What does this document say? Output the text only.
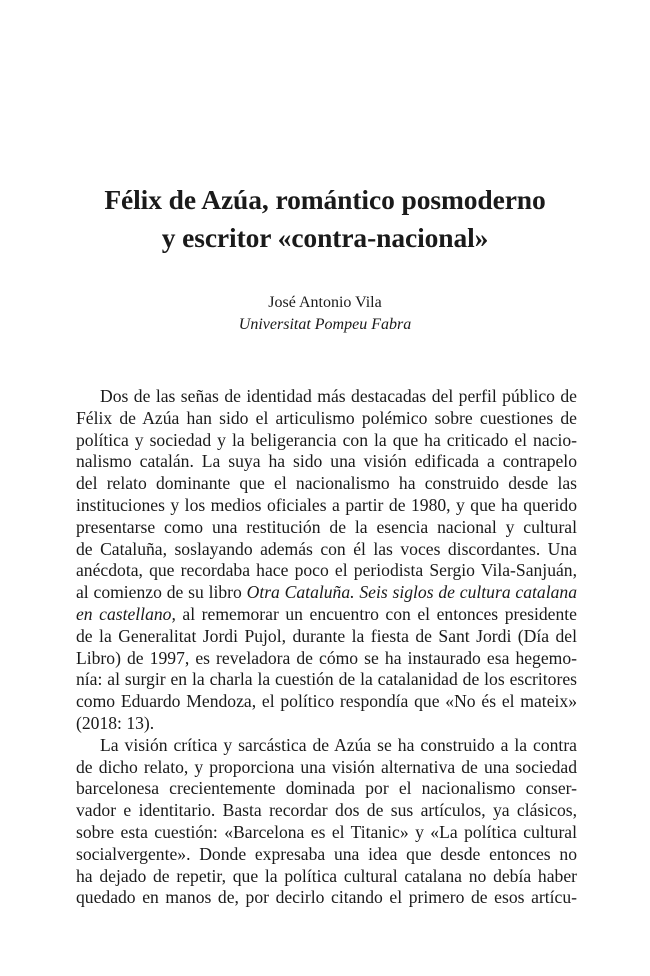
Félix de Azúa, romántico posmoderno
y escritor «contra-nacional»
José Antonio Vila
Universitat Pompeu Fabra
Dos de las señas de identidad más destacadas del perfil público de
Félix de Azúa han sido el articulismo polémico sobre cuestiones de
política y sociedad y la beligerancia con la que ha criticado el nacio-
nalismo catalán. La suya ha sido una visión edificada a contrapelo
del relato dominante que el nacionalismo ha construido desde las
instituciones y los medios oficiales a partir de 1980, y que ha querido
presentarse como una restitución de la esencia nacional y cultural
de Cataluña, soslayando además con él las voces discordantes. Una
anécdota, que recordaba hace poco el periodista Sergio Vila-Sanjuán,
al comienzo de su libro Otra Cataluña. Seis siglos de cultura catalana
en castellano, al rememorar un encuentro con el entonces presidente
de la Generalitat Jordi Pujol, durante la fiesta de Sant Jordi (Día del
Libro) de 1997, es reveladora de cómo se ha instaurado esa hegemo-
nía: al surgir en la charla la cuestión de la catalanidad de los escritores
como Eduardo Mendoza, el político respondía que «No és el mateix»
(2018: 13).
La visión crítica y sarcástica de Azúa se ha construido a la contra
de dicho relato, y proporciona una visión alternativa de una sociedad
barcelonesa crecientemente dominada por el nacionalismo conser-
vador e identitario. Basta recordar dos de sus artículos, ya clásicos,
sobre esta cuestión: «Barcelona es el Titanic» y «La política cultural
socialvergente». Donde expresaba una idea que desde entonces no
ha dejado de repetir, que la política cultural catalana no debía haber
quedado en manos de, por decirlo citando el primero de esos artícu-
